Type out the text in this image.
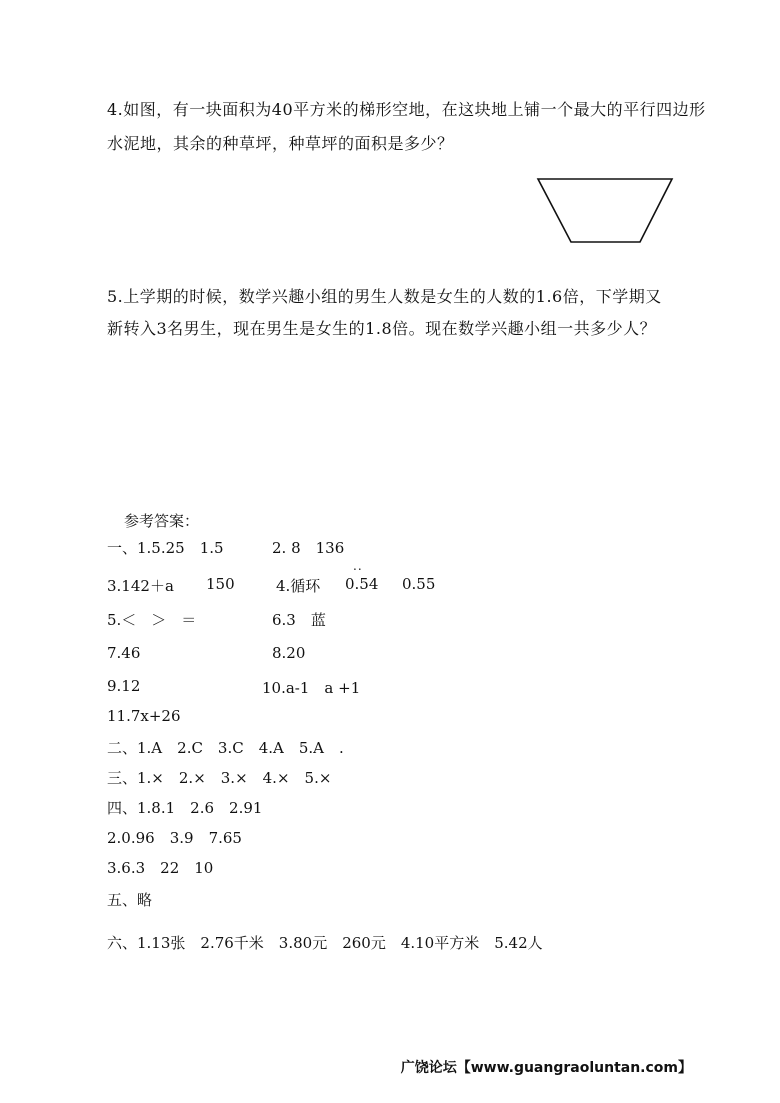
4.如图，有一块面积为40平方米的梯形空地，在这块地上铺一个最大的平行四边形
水泥地，其余的种草坪，种草坪的面积是多少？
5.上学期的时候，数学兴趣小组的男生人数是女生的人数的1.6倍，下学期又
新转入3名男生，现在男生是女生的1.8倍。现在数学兴趣小组一共多少人？
参考答案：
一、1.5.25　1.5	2. 8　136
3.142＋a 150	4.循环
..
0.54 0.55
5.＜　＞　＝	6.3　蓝
7.46	8.20
9.12	10.a-1　a +1
11.7x+26
二、1.A　2.C　3.C　4.A　5.A　.
三、1.×　2.×　3.×　4.×　5.×
四、1.8.1　2.6　2.91
2.0.96　3.9　7.65
3.6.3　22　10
五、略
六、1.13张　2.76千米　3.80元　260元　4.10平方米　5.42人
广饶论坛【www.guangraoluntan.com】
